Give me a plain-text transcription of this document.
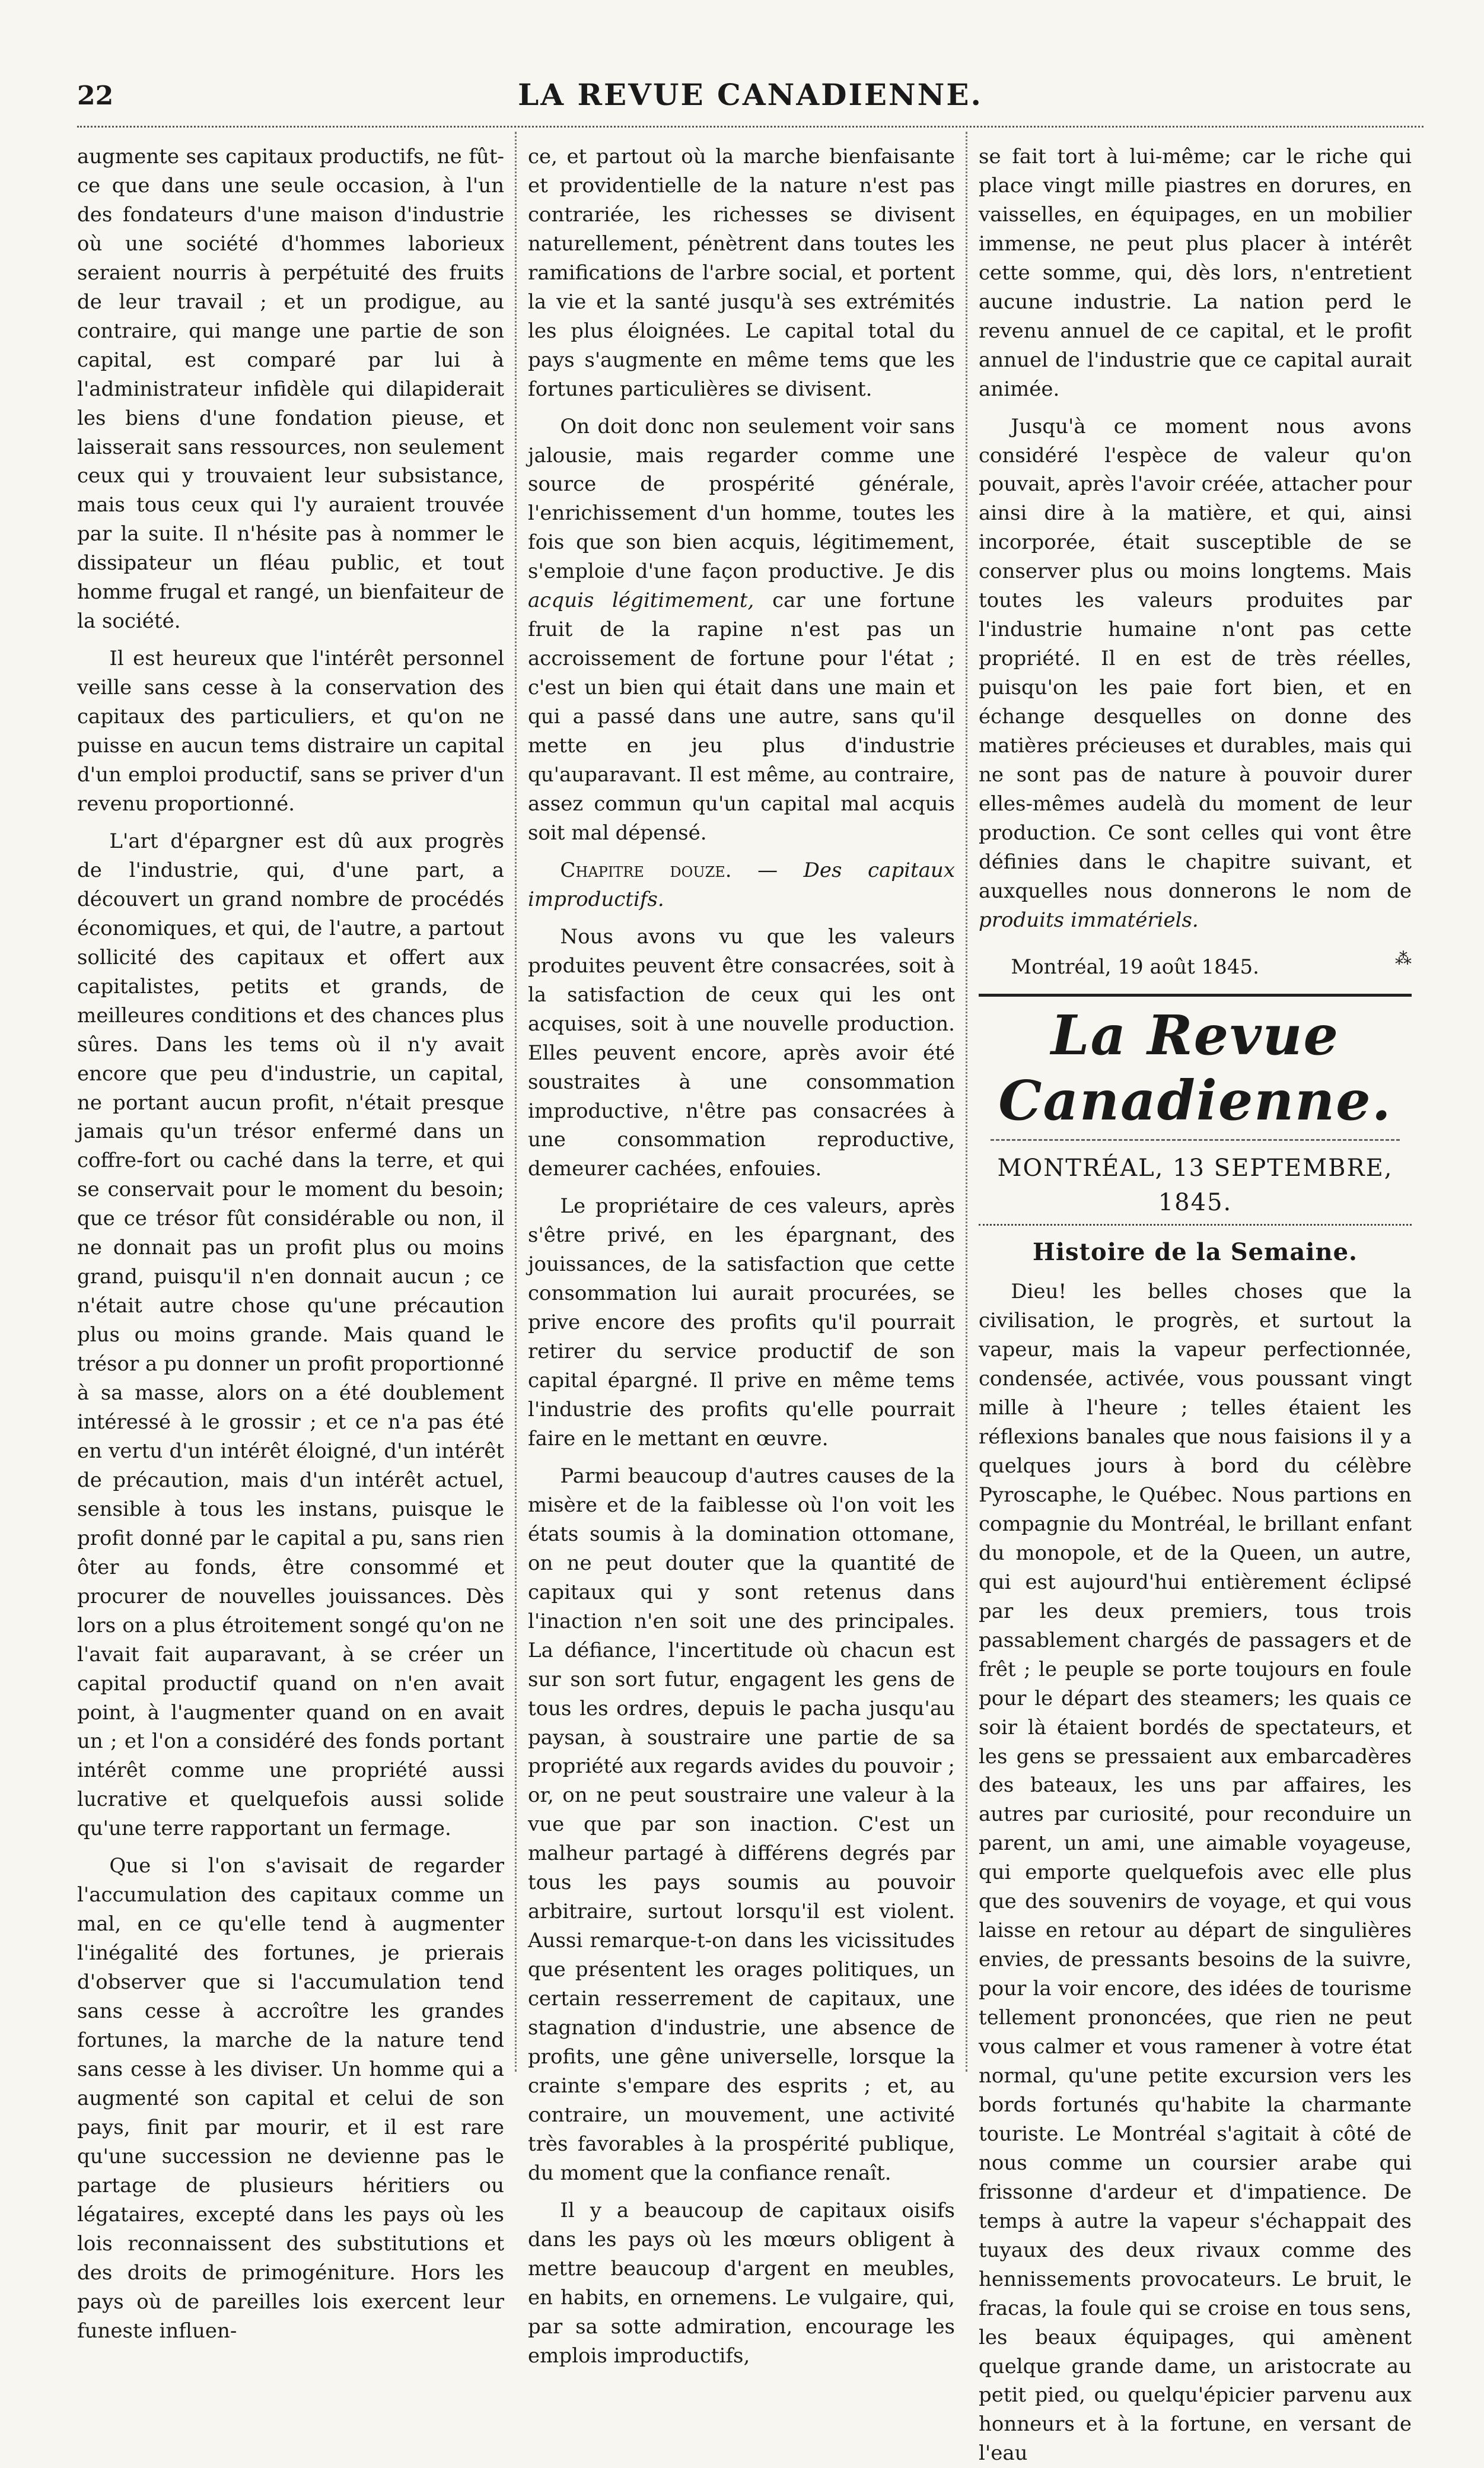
22	LA REVUE CANADIENNE.

augmente ses capitaux productifs, ne fût-ce que dans une seule occasion, à l'un des fondateurs d'une maison d'industrie où une société d'hommes laborieux seraient nourris à perpétuité des fruits de leur travail ; et un prodigue, au contraire, qui mange une partie de son capital, est comparé par lui à l'administrateur infidèle qui dilapiderait les biens d'une fondation pieuse, et laisserait sans ressources, non seulement ceux qui y trouvaient leur subsistance, mais tous ceux qui l'y auraient trouvée par la suite. Il n'hésite pas à nommer le dissipateur un fléau public, et tout homme frugal et rangé, un bienfaiteur de la société.

Il est heureux que l'intérêt personnel veille sans cesse à la conservation des capitaux des particuliers, et qu'on ne puisse en aucun tems distraire un capital d'un emploi productif, sans se priver d'un revenu proportionné.

L'art d'épargner est dû aux progrès de l'industrie, qui, d'une part, a découvert un grand nombre de procédés économiques, et qui, de l'autre, a partout sollicité des capitaux et offert aux capitalistes, petits et grands, de meilleures conditions et des chances plus sûres. Dans les tems où il n'y avait encore que peu d'industrie, un capital, ne portant aucun profit, n'était presque jamais qu'un trésor enfermé dans un coffre-fort ou caché dans la terre, et qui se conservait pour le moment du besoin; que ce trésor fût considérable ou non, il ne donnait pas un profit plus ou moins grand, puisqu'il n'en donnait aucun ; ce n'était autre chose qu'une précaution plus ou moins grande. Mais quand le trésor a pu donner un profit proportionné à sa masse, alors on a été doublement intéressé à le grossir ; et ce n'a pas été en vertu d'un intérêt éloigné, d'un intérêt de précaution, mais d'un intérêt actuel, sensible à tous les instans, puisque le profit donné par le capital a pu, sans rien ôter au fonds, être consommé et procurer de nouvelles jouissances. Dès lors on a plus étroitement songé qu'on ne l'avait fait auparavant, à se créer un capital productif quand on n'en avait point, à l'augmenter quand on en avait un ; et l'on a considéré des fonds portant intérêt comme une propriété aussi lucrative et quelquefois aussi solide qu'une terre rapportant un fermage.

Que si l'on s'avisait de regarder l'accumulation des capitaux comme un mal, en ce qu'elle tend à augmenter l'inégalité des fortunes, je prierais d'observer que si l'accumulation tend sans cesse à accroître les grandes fortunes, la marche de la nature tend sans cesse à les diviser. Un homme qui a augmenté son capital et celui de son pays, finit par mourir, et il est rare qu'une succession ne devienne pas le partage de plusieurs héritiers ou légataires, excepté dans les pays où les lois reconnaissent des substitutions et des droits de primogéniture. Hors les pays où de pareilles lois exercent leur funeste influen-

ce, et partout où la marche bienfaisante et providentielle de la nature n'est pas contrariée, les richesses se divisent naturellement, pénètrent dans toutes les ramifications de l'arbre social, et portent la vie et la santé jusqu'à ses extrémités les plus éloignées. Le capital total du pays s'augmente en même tems que les fortunes particulières se divisent.

On doit donc non seulement voir sans jalousie, mais regarder comme une source de prospérité générale, l'enrichissement d'un homme, toutes les fois que son bien acquis, légitimement, s'emploie d'une façon productive. Je dis acquis légitimement, car une fortune fruit de la rapine n'est pas un accroissement de fortune pour l'état ; c'est un bien qui était dans une main et qui a passé dans une autre, sans qu'il mette en jeu plus d'industrie qu'auparavant. Il est même, au contraire, assez commun qu'un capital mal acquis soit mal dépensé.

Chapitre douze. — Des capitaux improductifs.

Nous avons vu que les valeurs produites peuvent être consacrées, soit à la satisfaction de ceux qui les ont acquises, soit à une nouvelle production. Elles peuvent encore, après avoir été soustraites à une consommation improductive, n'être pas consacrées à une consommation reproductive, demeurer cachées, enfouies.

Le propriétaire de ces valeurs, après s'être privé, en les épargnant, des jouissances, de la satisfaction que cette consommation lui aurait procurées, se prive encore des profits qu'il pourrait retirer du service productif de son capital épargné. Il prive en même tems l'industrie des profits qu'elle pourrait faire en le mettant en œuvre.

Parmi beaucoup d'autres causes de la misère et de la faiblesse où l'on voit les états soumis à la domination ottomane, on ne peut douter que la quantité de capitaux qui y sont retenus dans l'inaction n'en soit une des principales. La défiance, l'incertitude où chacun est sur son sort futur, engagent les gens de tous les ordres, depuis le pacha jusqu'au paysan, à soustraire une partie de sa propriété aux regards avides du pouvoir ; or, on ne peut soustraire une valeur à la vue que par son inaction. C'est un malheur partagé à différens degrés par tous les pays soumis au pouvoir arbitraire, surtout lorsqu'il est violent. Aussi remarque-t-on dans les vicissitudes que présentent les orages politiques, un certain resserrement de capitaux, une stagnation d'industrie, une absence de profits, une gêne universelle, lorsque la crainte s'empare des esprits ; et, au contraire, un mouvement, une activité très favorables à la prospérité publique, du moment que la confiance renaît.

Il y a beaucoup de capitaux oisifs dans les pays où les mœurs obligent à mettre beaucoup d'argent en meubles, en habits, en ornemens. Le vulgaire, qui, par sa sotte admiration, encourage les emplois improductifs,

se fait tort à lui-même; car le riche qui place vingt mille piastres en dorures, en vaisselles, en équipages, en un mobilier immense, ne peut plus placer à intérêt cette somme, qui, dès lors, n'entretient aucune industrie. La nation perd le revenu annuel de ce capital, et le profit annuel de l'industrie que ce capital aurait animée.

Jusqu'à ce moment nous avons considéré l'espèce de valeur qu'on pouvait, après l'avoir créée, attacher pour ainsi dire à la matière, et qui, ainsi incorporée, était susceptible de se conserver plus ou moins longtems. Mais toutes les valeurs produites par l'industrie humaine n'ont pas cette propriété. Il en est de très réelles, puisqu'on les paie fort bien, et en échange desquelles on donne des matières précieuses et durables, mais qui ne sont pas de nature à pouvoir durer elles-mêmes audelà du moment de leur production. Ce sont celles qui vont être définies dans le chapitre suivant, et auxquelles nous donnerons le nom de produits immatériels.

Montréal, 19 août 1845.	⁂
La Revue Canadienne.
MONTRÉAL, 13 SEPTEMBRE, 1845.
Histoire de la Semaine.

Dieu! les belles choses que la civilisation, le progrès, et surtout la vapeur, mais la vapeur perfectionnée, condensée, activée, vous poussant vingt mille à l'heure ; telles étaient les réflexions banales que nous faisions il y a quelques jours à bord du célèbre Pyroscaphe, le Québec. Nous partions en compagnie du Montréal, le brillant enfant du monopole, et de la Queen, un autre, qui est aujourd'hui entièrement éclipsé par les deux premiers, tous trois passablement chargés de passagers et de frêt ; le peuple se porte toujours en foule pour le départ des steamers; les quais ce soir là étaient bordés de spectateurs, et les gens se pressaient aux embarcadères des bateaux, les uns par affaires, les autres par curiosité, pour reconduire un parent, un ami, une aimable voyageuse, qui emporte quelquefois avec elle plus que des souvenirs de voyage, et qui vous laisse en retour au départ de singulières envies, de pressants besoins de la suivre, pour la voir encore, des idées de tourisme tellement prononcées, que rien ne peut vous calmer et vous ramener à votre état normal, qu'une petite excursion vers les bords fortunés qu'habite la charmante touriste. Le Montréal s'agitait à côté de nous comme un coursier arabe qui frissonne d'ardeur et d'impatience. De temps à autre la vapeur s'échappait des tuyaux des deux rivaux comme des hennissements provocateurs. Le bruit, le fracas, la foule qui se croise en tous sens, les beaux équipages, qui amènent quelque grande dame, un aristocrate au petit pied, ou quelqu'épicier parvenu aux honneurs et à la fortune, en versant de l'eau
